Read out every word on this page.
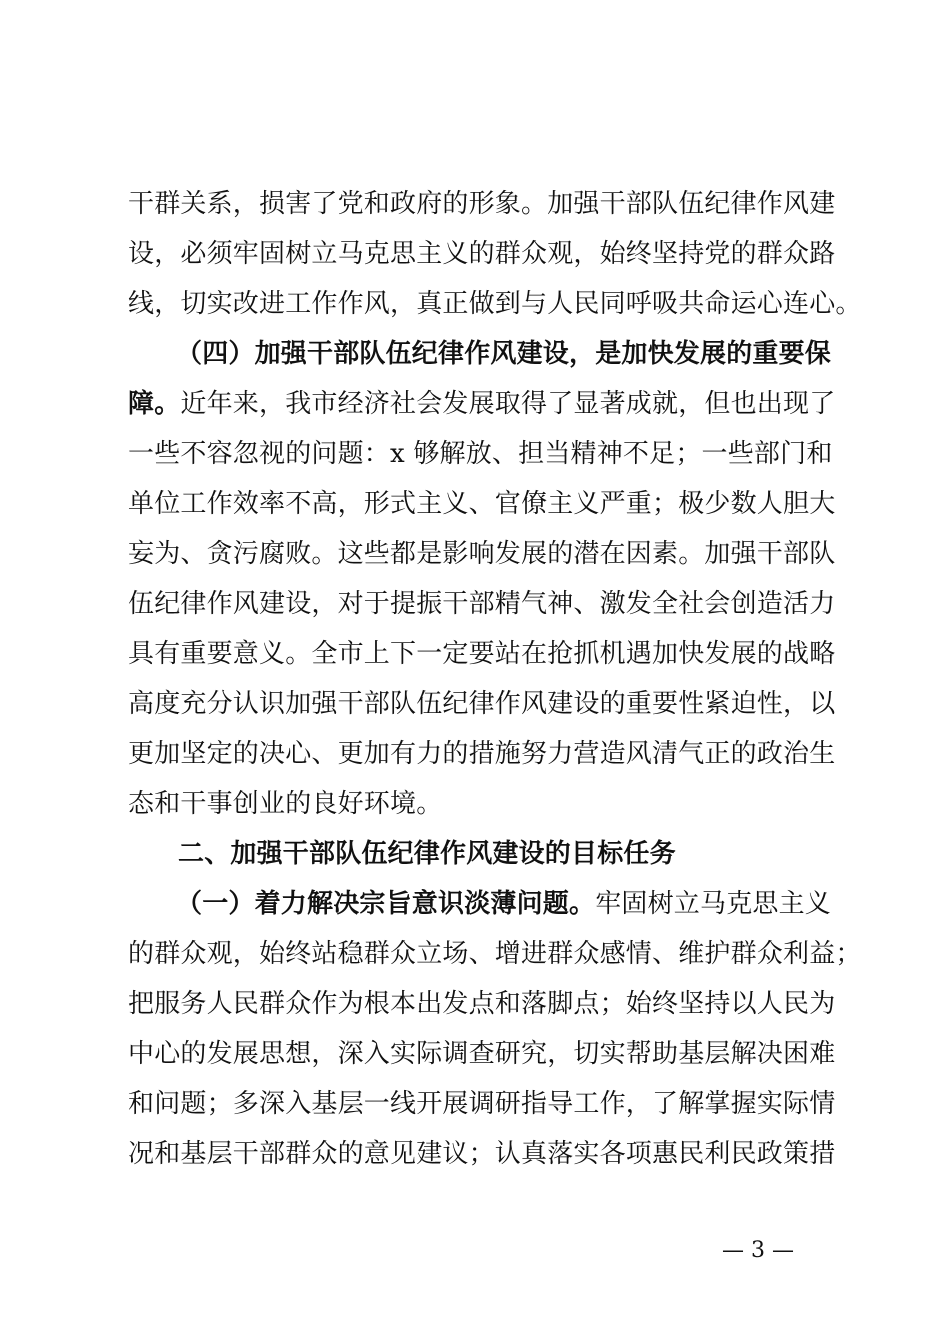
干群关系，损害了党和政府的形象。加强干部队伍纪律作风建
设，必须牢固树立马克思主义的群众观，始终坚持党的群众路
线，切实改进工作作风，真正做到与人民同呼吸共命运心连心。
（四）加强干部队伍纪律作风建设，是加快发展的重要保
障。近年来，我市经济社会发展取得了显著成就，但也出现了
一些不容忽视的问题：x 够解放、担当精神不足；一些部门和
单位工作效率不高，形式主义、官僚主义严重；极少数人胆大
妄为、贪污腐败。这些都是影响发展的潜在因素。加强干部队
伍纪律作风建设，对于提振干部精气神、激发全社会创造活力
具有重要意义。全市上下一定要站在抢抓机遇加快发展的战略
高度充分认识加强干部队伍纪律作风建设的重要性紧迫性，以
更加坚定的决心、更加有力的措施努力营造风清气正的政治生
态和干事创业的良好环境。
二、加强干部队伍纪律作风建设的目标任务
（一）着力解决宗旨意识淡薄问题。牢固树立马克思主义
的群众观，始终站稳群众立场、增进群众感情、维护群众利益；
把服务人民群众作为根本出发点和落脚点；始终坚持以人民为
中心的发展思想，深入实际调查研究，切实帮助基层解决困难
和问题；多深入基层一线开展调研指导工作，了解掌握实际情
况和基层干部群众的意见建议；认真落实各项惠民利民政策措
— 3 —
